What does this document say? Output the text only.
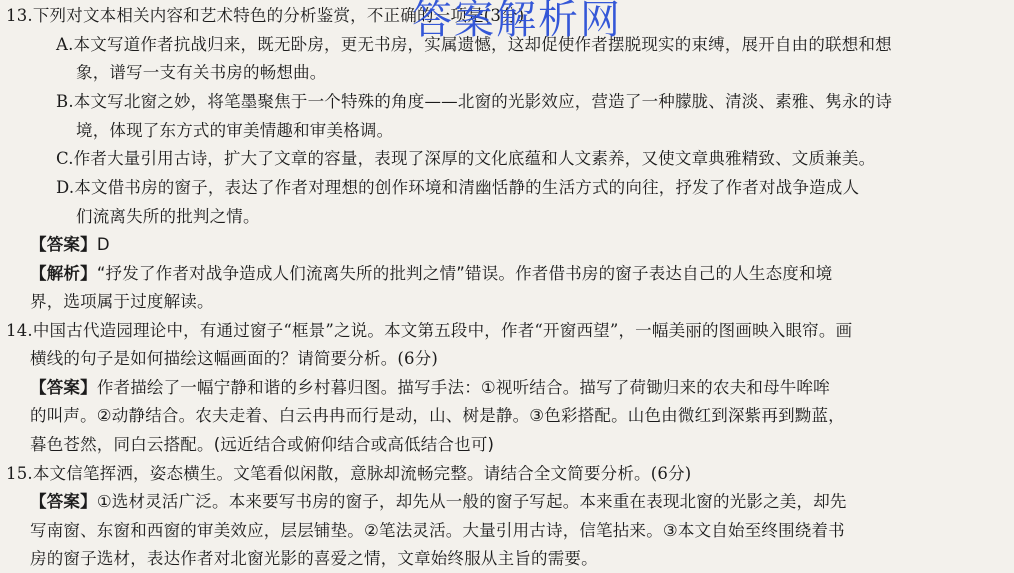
13.下列对文本相关内容和艺术特色的分析鉴赏，不正确的一项是(3分)
A.本文写道作者抗战归来，既无卧房，更无书房，实属遗憾，这却促使作者摆脱现实的束缚，展开自由的联想和想
象，谱写一支有关书房的畅想曲。
B.本文写北窗之妙，将笔墨聚焦于一个特殊的角度——北窗的光影效应，营造了一种朦胧、清淡、素雅、隽永的诗
境，体现了东方式的审美情趣和审美格调。
C.作者大量引用古诗，扩大了文章的容量，表现了深厚的文化底蕴和人文素养，又使文章典雅精致、文质兼美。
D.本文借书房的窗子，表达了作者对理想的创作环境和清幽恬静的生活方式的向往，抒发了作者对战争造成人
们流离失所的批判之情。
【答案】D
【解析】“抒发了作者对战争造成人们流离失所的批判之情”错误。作者借书房的窗子表达自己的人生态度和境
界，选项属于过度解读。
14.中国古代造园理论中，有通过窗子“框景”之说。本文第五段中，作者“开窗西望”，一幅美丽的图画映入眼帘。画
横线的句子是如何描绘这幅画面的？请简要分析。(6分)
【答案】作者描绘了一幅宁静和谐的乡村暮归图。描写手法：①视听结合。描写了荷锄归来的农夫和母牛哞哞
的叫声。②动静结合。农夫走着、白云冉冉而行是动，山、树是静。③色彩搭配。山色由微红到深紫再到黝蓝，
暮色苍然，同白云搭配。(远近结合或俯仰结合或高低结合也可)
15.本文信笔挥洒，姿态横生。文笔看似闲散，意脉却流畅完整。请结合全文简要分析。(6分)
【答案】①选材灵活广泛。本来要写书房的窗子，却先从一般的窗子写起。本来重在表现北窗的光影之美，却先
写南窗、东窗和西窗的审美效应，层层铺垫。②笔法灵活。大量引用古诗，信笔拈来。③本文自始至终围绕着书
房的窗子选材，表达作者对北窗光影的喜爱之情，文章始终服从主旨的需要。
答案解析网
